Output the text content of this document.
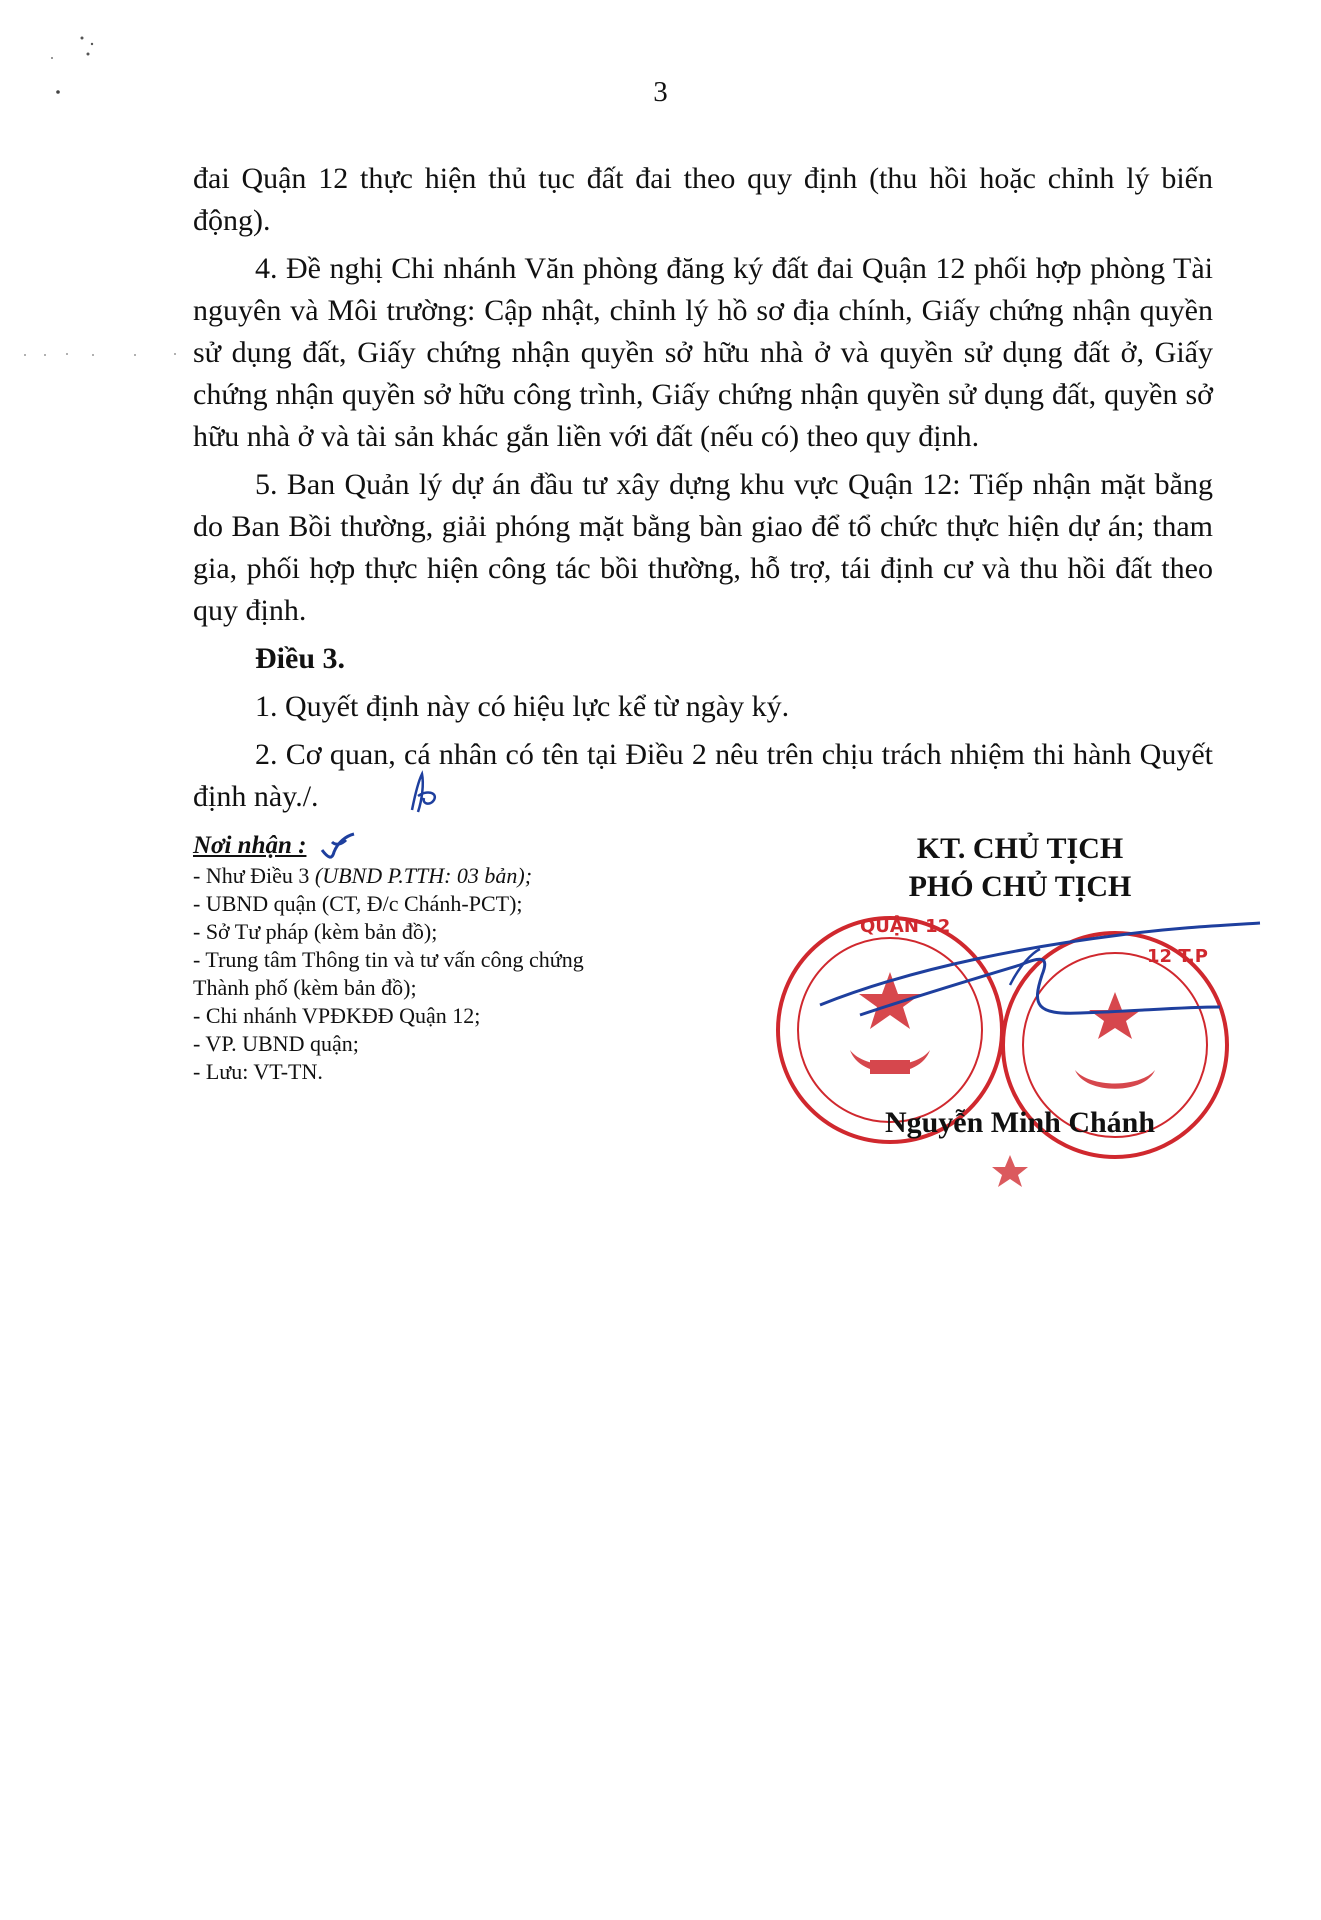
3

đai Quận 12 thực hiện thủ tục đất đai theo quy định (thu hồi hoặc chỉnh lý biến động).

4. Đề nghị Chi nhánh Văn phòng đăng ký đất đai Quận 12 phối hợp phòng Tài nguyên và Môi trường: Cập nhật, chỉnh lý hồ sơ địa chính, Giấy chứng nhận quyền sử dụng đất, Giấy chứng nhận quyền sở hữu nhà ở và quyền sử dụng đất ở, Giấy chứng nhận quyền sở hữu công trình, Giấy chứng nhận quyền sử dụng đất, quyền sở hữu nhà ở và tài sản khác gắn liền với đất (nếu có) theo quy định.

5. Ban Quản lý dự án đầu tư xây dựng khu vực Quận 12: Tiếp nhận mặt bằng do Ban Bồi thường, giải phóng mặt bằng bàn giao để tổ chức thực hiện dự án; tham gia, phối hợp thực hiện công tác bồi thường, hỗ trợ, tái định cư và thu hồi đất theo quy định.

Điều 3.

1. Quyết định này có hiệu lực kể từ ngày ký.

2. Cơ quan, cá nhân có tên tại Điều 2 nêu trên chịu trách nhiệm thi hành Quyết định này./.

Nơi nhận :
- Như Điều 3 (UBND P.TTH: 03 bản);
- UBND quận (CT, Đ/c Chánh-PCT);
- Sở Tư pháp (kèm bản đồ);
- Trung tâm Thông tin và tư vấn công chứng Thành phố (kèm bản đồ);
- Chi nhánh VPĐKĐĐ Quận 12;
- VP. UBND quận;
- Lưu: VT-TN.
KT. CHỦ TỊCH
PHÓ CHỦ TỊCH
QUẬN 12
12 T.P
Nguyễn Minh Chánh
